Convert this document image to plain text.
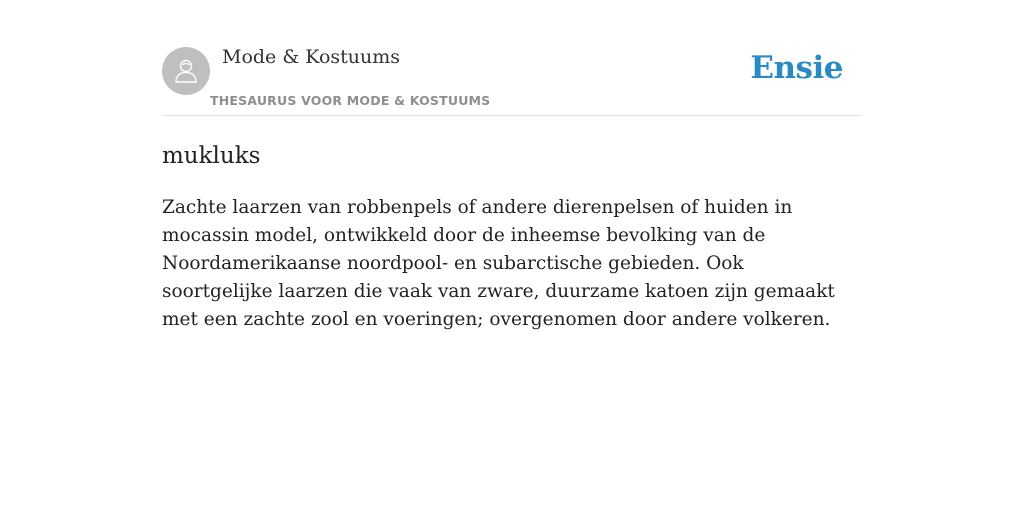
Mode & Kostuums
THESAURUS VOOR MODE & KOSTUUMS
Ensie
mukluks

Zachte laarzen van robbenpels of andere dierenpelsen of huiden in mocassin model, ontwikkeld door de inheemse bevolking van de Noordamerikaanse noordpool- en subarctische gebieden. Ook soortgelijke laarzen die vaak van zware, duurzame katoen zijn gemaakt met een zachte zool en voeringen; overgenomen door andere volkeren.
